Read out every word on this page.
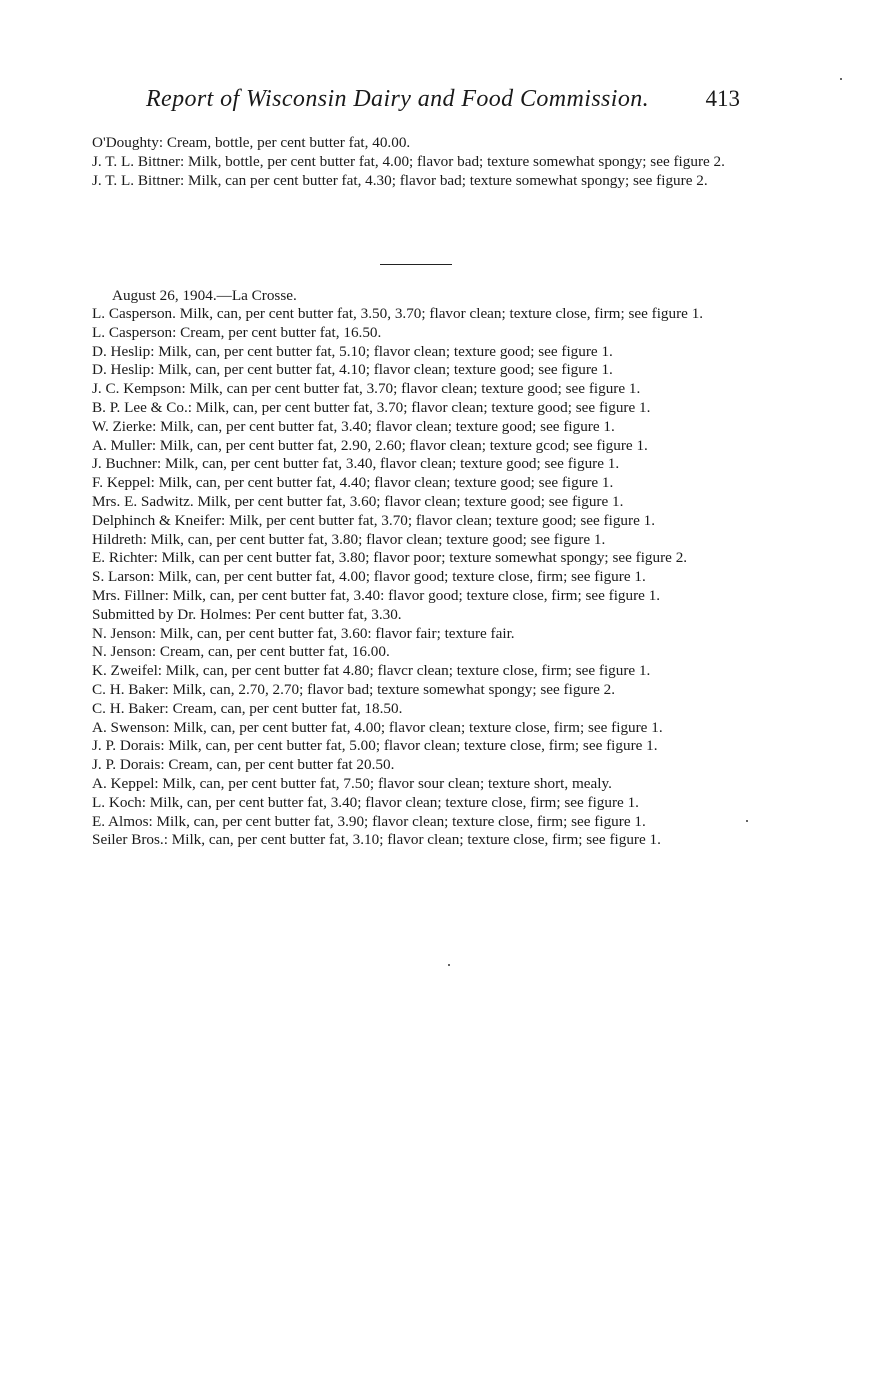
Report of Wisconsin Dairy and Food Commission. 413
O'Doughty: Cream, bottle, per cent butter fat, 40.00.
J. T. L. Bittner: Milk, bottle, per cent butter fat, 4.00; flavor bad; texture somewhat spongy; see figure 2.
J. T. L. Bittner: Milk, can per cent butter fat, 4.30; flavor bad; texture somewhat spongy; see figure 2.
August 26, 1904.—La Crosse.
L. Casperson. Milk, can, per cent butter fat, 3.50, 3.70; flavor clean; texture close, firm; see figure 1.
L. Casperson: Cream, per cent butter fat, 16.50.
D. Heslip: Milk, can, per cent butter fat, 5.10; flavor clean; texture good; see figure 1.
D. Heslip: Milk, can, per cent butter fat, 4.10; flavor clean; texture good; see figure 1.
J. C. Kempson: Milk, can per cent butter fat, 3.70; flavor clean; texture good; see figure 1.
B. P. Lee & Co.: Milk, can, per cent butter fat, 3.70; flavor clean; texture good; see figure 1.
W. Zierke: Milk, can, per cent butter fat, 3.40; flavor clean; texture good; see figure 1.
A. Muller: Milk, can, per cent butter fat, 2.90, 2.60; flavor clean; texture gcod; see figure 1.
J. Buchner: Milk, can, per cent butter fat, 3.40, flavor clean; texture good; see figure 1.
F. Keppel: Milk, can, per cent butter fat, 4.40; flavor clean; texture good; see figure 1.
Mrs. E. Sadwitz. Milk, per cent butter fat, 3.60; flavor clean; texture good; see figure 1.
Delphinch & Kneifer: Milk, per cent butter fat, 3.70; flavor clean; texture good; see figure 1.
Hildreth: Milk, can, per cent butter fat, 3.80; flavor clean; texture good; see figure 1.
E. Richter: Milk, can per cent butter fat, 3.80; flavor poor; texture somewhat spongy; see figure 2.
S. Larson: Milk, can, per cent butter fat, 4.00; flavor good; texture close, firm; see figure 1.
Mrs. Fillner: Milk, can, per cent butter fat, 3.40: flavor good; texture close, firm; see figure 1.
Submitted by Dr. Holmes: Per cent butter fat, 3.30.
N. Jenson: Milk, can, per cent butter fat, 3.60: flavor fair; texture fair.
N. Jenson: Cream, can, per cent butter fat, 16.00.
K. Zweifel: Milk, can, per cent butter fat 4.80; flavcr clean; texture close, firm; see figure 1.
C. H. Baker: Milk, can, 2.70, 2.70; flavor bad; texture somewhat spongy; see figure 2.
C. H. Baker: Cream, can, per cent butter fat, 18.50.
A. Swenson: Milk, can, per cent butter fat, 4.00; flavor clean; texture close, firm; see figure 1.
J. P. Dorais: Milk, can, per cent butter fat, 5.00; flavor clean; texture close, firm; see figure 1.
J. P. Dorais: Cream, can, per cent butter fat 20.50.
A. Keppel: Milk, can, per cent butter fat, 7.50; flavor sour clean; texture short, mealy.
L. Koch: Milk, can, per cent butter fat, 3.40; flavor clean; texture close, firm; see figure 1.
E. Almos: Milk, can, per cent butter fat, 3.90; flavor clean; texture close, firm; see figure 1.
Seiler Bros.: Milk, can, per cent butter fat, 3.10; flavor clean; texture close, firm; see figure 1.
